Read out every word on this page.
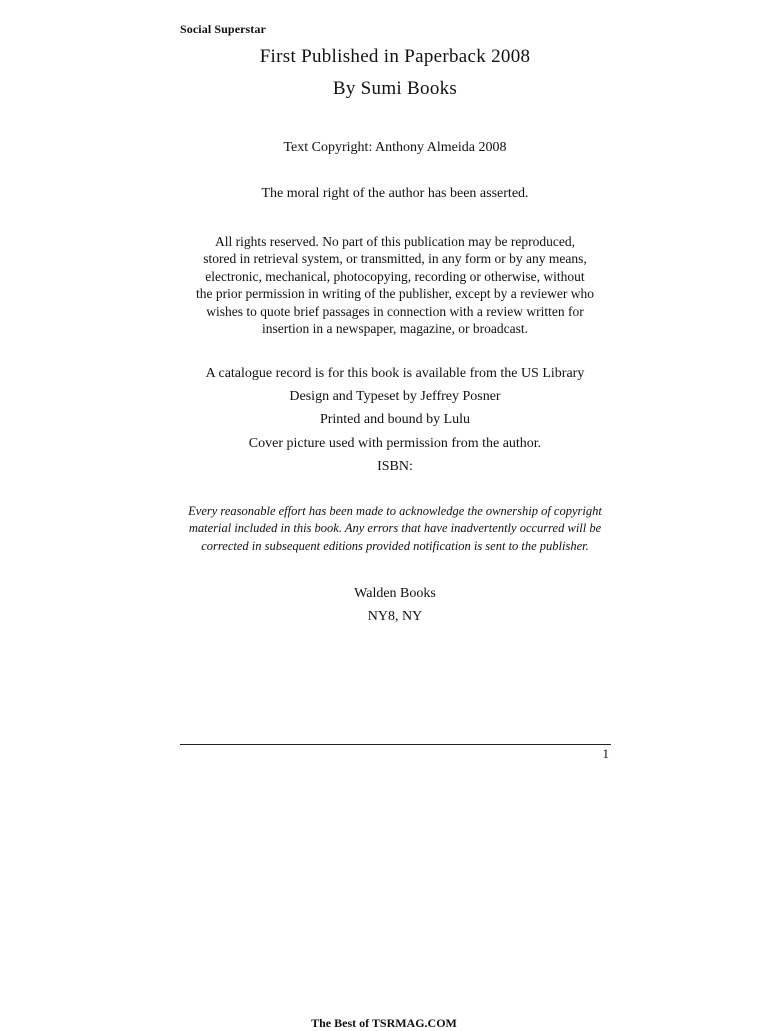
Social Superstar
First Published in Paperback 2008
By Sumi Books
Text Copyright: Anthony Almeida 2008
The moral right of the author has been asserted.
All rights reserved. No part of this publication may be reproduced,
stored in retrieval system, or transmitted, in any form or by any means,
electronic, mechanical, photocopying, recording or otherwise, without
the prior permission in writing of the publisher, except by a reviewer who
wishes to quote brief passages in connection with a review written for
insertion in a newspaper, magazine, or broadcast.
A catalogue record is for this book is available from the US Library
Design and Typeset by Jeffrey Posner
Printed and bound by Lulu
Cover picture used with permission from the author.
ISBN:
Every reasonable effort has been made to acknowledge the ownership of copyright
material included in this book. Any errors that have inadvertently occurred will be
corrected in subsequent editions provided notification is sent to the publisher.
Walden Books
NY8, NY
1
The Best of TSRMAG.COM
